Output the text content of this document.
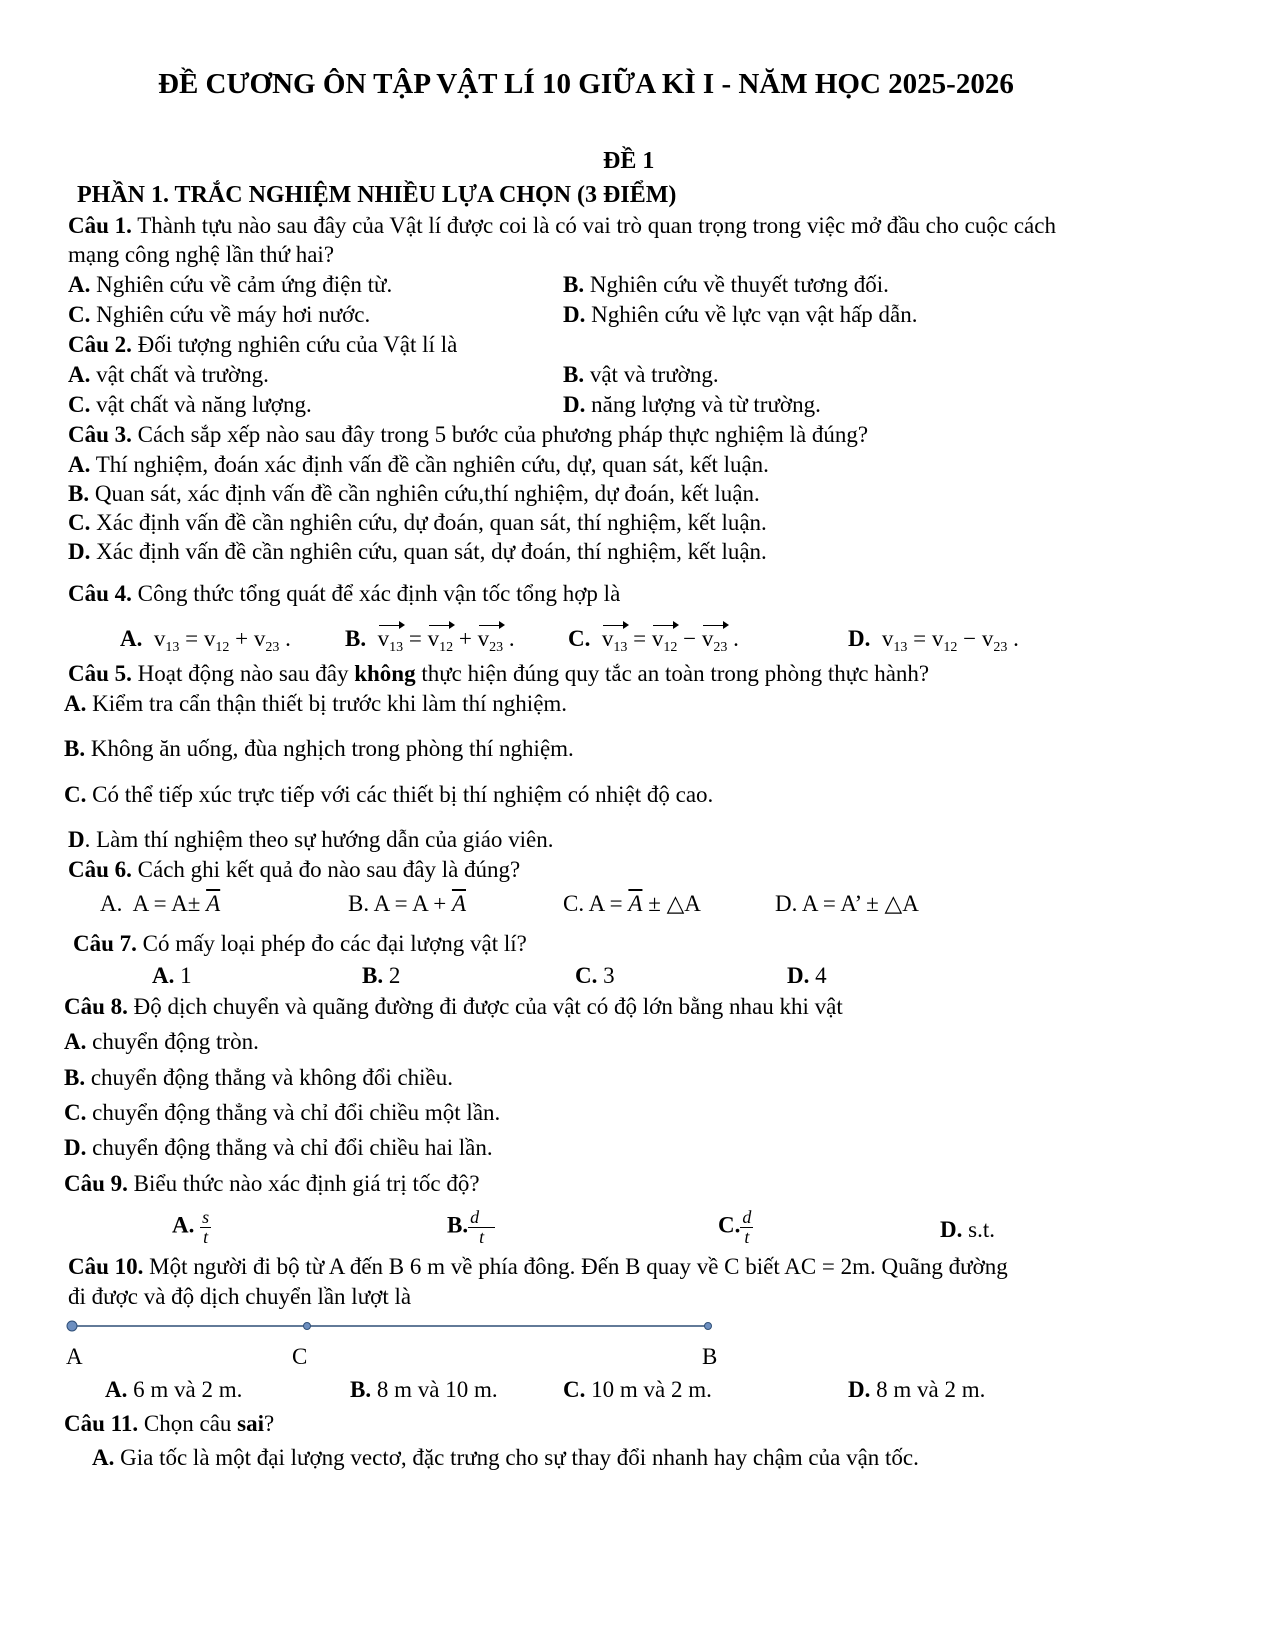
ĐỀ CƯƠNG ÔN TẬP VẬT LÍ 10 GIỮA KÌ I - NĂM HỌC 2025-2026
ĐỀ 1
PHẦN 1. TRẮC NGHIỆM NHIỀU LỰA CHỌN (3 ĐIỂM)
Câu 1. Thành tựu nào sau đây của Vật lí được coi là có vai trò quan trọng trong việc mở đầu cho cuộc cách
mạng công nghệ lần thứ hai?
A. Nghiên cứu về cảm ứng điện từ.	B. Nghiên cứu về thuyết tương đối.
C. Nghiên cứu về máy hơi nước.	D. Nghiên cứu về lực vạn vật hấp dẫn.
Câu 2. Đối tượng nghiên cứu của Vật lí là
A. vật chất và trường.	B. vật và trường.
C. vật chất và năng lượng.	D. năng lượng và từ trường.
Câu 3. Cách sắp xếp nào sau đây trong 5 bước của phương pháp thực nghiệm là đúng?
A. Thí nghiệm, đoán xác định vấn đề cần nghiên cứu, dự, quan sát, kết luận.
B. Quan sát, xác định vấn đề cần nghiên cứu,thí nghiệm, dự đoán, kết luận.
C. Xác định vấn đề cần nghiên cứu, dự đoán, quan sát, thí nghiệm, kết luận.
D. Xác định vấn đề cần nghiên cứu, quan sát, dự đoán, thí nghiệm, kết luận.
Câu 4. Công thức tổng quát để xác định vận tốc tổng hợp là
A.  $v_{13} = v_{12} + v_{23}$ . B. $v_{13} = v_{12} + v_{23}$ . C. $v_{13} = v_{12} - v_{23}$ .	D.  $v_{13} = v_{12} - v_{23}$ .
Câu 5. Hoạt động nào sau đây không thực hiện đúng quy tắc an toàn trong phòng thực hành?
A. Kiểm tra cẩn thận thiết bị trước khi làm thí nghiệm.
B. Không ăn uống, đùa nghịch trong phòng thí nghiệm.
C. Có thể tiếp xúc trực tiếp với các thiết bị thí nghiệm có nhiệt độ cao.
D. Làm thí nghiệm theo sự hướng dẫn của giáo viên.
Câu 6. Cách ghi kết quả đo nào sau đây là đúng?
A.  $A = A\pm \overline{A}$	B. $A = A + \overline{A}$	C. $A = \overline{A}$ ± △A	D. A = A’ ± △A
Câu 7. Có mấy loại phép đo các đại lượng vật lí?
A. 1	B. 2	C. 3	D. 4
Câu 8. Độ dịch chuyển và quãng đường đi được của vật có độ lớn bằng nhau khi vật
A. chuyển động tròn.
B. chuyển động thẳng và không đổi chiều.
C. chuyển động thẳng và chỉ đổi chiều một lần.
D. chuyển động thẳng và chỉ đổi chiều hai lần.
Câu 9. Biểu thức nào xác định giá trị tốc độ?
A. $\frac{s}{t}$	B. $\frac{d⃗}{t}$	C. $\frac{d}{t}$	D. s.t.
Câu 10. Một người đi bộ từ A đến B 6 m về phía đông. Đến B quay về C biết AC = 2m. Quãng đường
đi được và độ dịch chuyển lần lượt là
A	C	B
A. 6 m và 2 m.	B. 8 m và 10 m.	C. 10 m và 2 m.	D. 8 m và 2 m.
Câu 11. Chọn câu sai?
A. Gia tốc là một đại lượng vectơ, đặc trưng cho sự thay đổi nhanh hay chậm của vận tốc.
